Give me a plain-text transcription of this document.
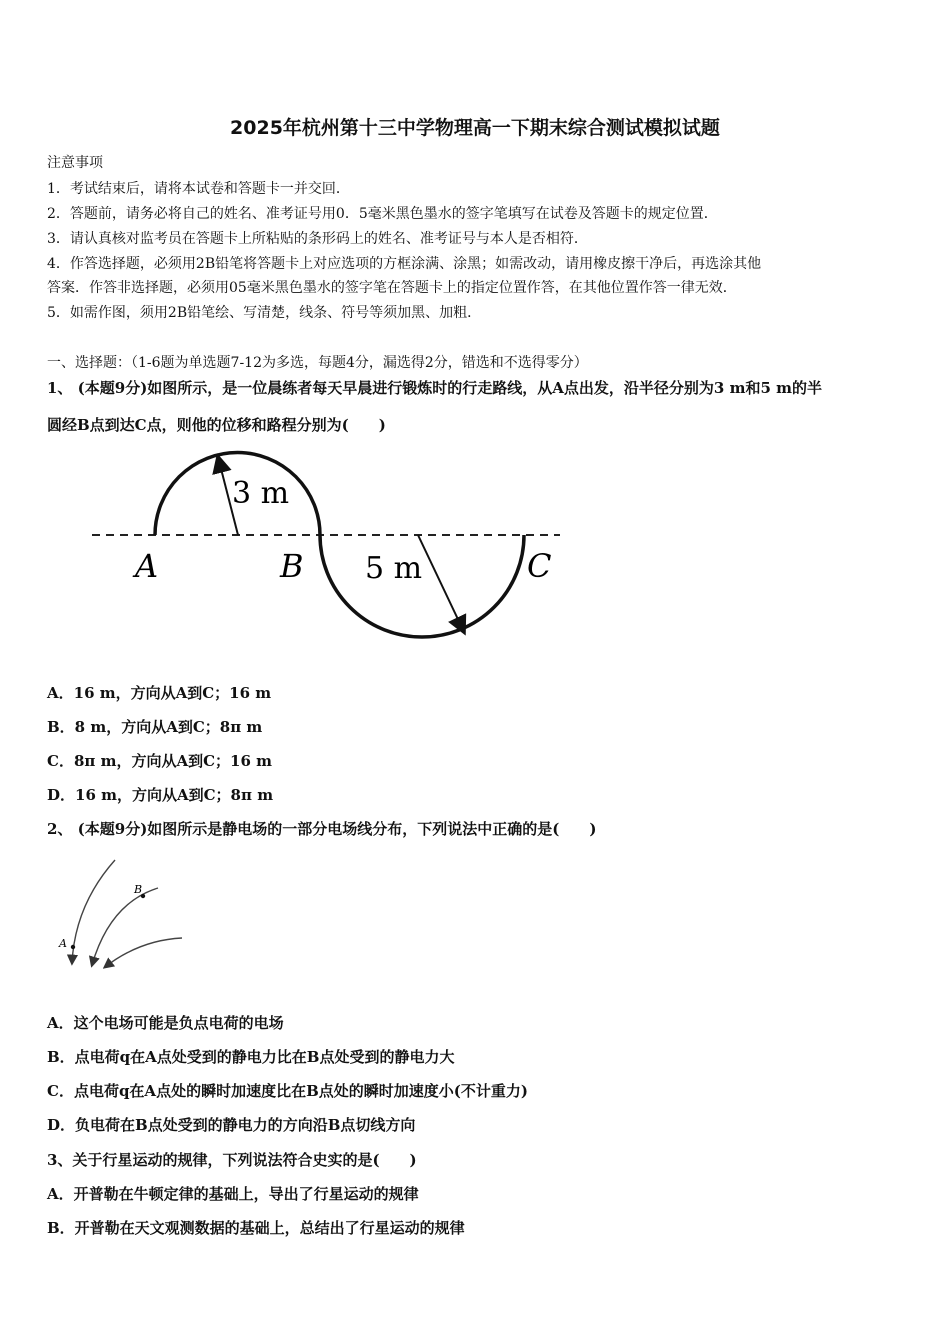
2025年杭州第十三中学物理高一下期末综合测试模拟试题
注意事项
1．考试结束后，请将本试卷和答题卡一并交回．
2．答题前，请务必将自己的姓名、准考证号用0．5毫米黑色墨水的签字笔填写在试卷及答题卡的规定位置．
3．请认真核对监考员在答题卡上所粘贴的条形码上的姓名、准考证号与本人是否相符．
4．作答选择题，必须用2B铅笔将答题卡上对应选项的方框涂满、涂黑；如需改动，请用橡皮擦干净后，再选涂其他
答案．作答非选择题，必须用05毫米黑色墨水的签字笔在答题卡上的指定位置作答，在其他位置作答一律无效．
5．如需作图，须用2B铅笔绘、写清楚，线条、符号等须加黑、加粗．
一、选择题：（1-6题为单选题7-12为多选，每题4分，漏选得2分，错选和不选得零分）
1、 (本题9分)如图所示，是一位晨练者每天早晨进行锻炼时的行走路线，从A点出发，沿半径分别为3 m和5 m的半
圆经B点到达C点，则他的位移和路程分别为(　　)
3 m
5 m
A	B	C
A．16 m，方向从A到C；16 m
B．8 m，方向从A到C；8π m
C．8π m，方向从A到C；16 m
D．16 m，方向从A到C；8π m
2、 (本题9分)如图所示是静电场的一部分电场线分布，下列说法中正确的是(　　)
A
B
A．这个电场可能是负点电荷的电场
B．点电荷q在A点处受到的静电力比在B点处受到的静电力大
C．点电荷q在A点处的瞬时加速度比在B点处的瞬时加速度小(不计重力)
D．负电荷在B点处受到的静电力的方向沿B点切线方向
3、关于行星运动的规律，下列说法符合史实的是(　　)
A．开普勒在牛顿定律的基础上，导出了行星运动的规律
B．开普勒在天文观测数据的基础上，总结出了行星运动的规律
